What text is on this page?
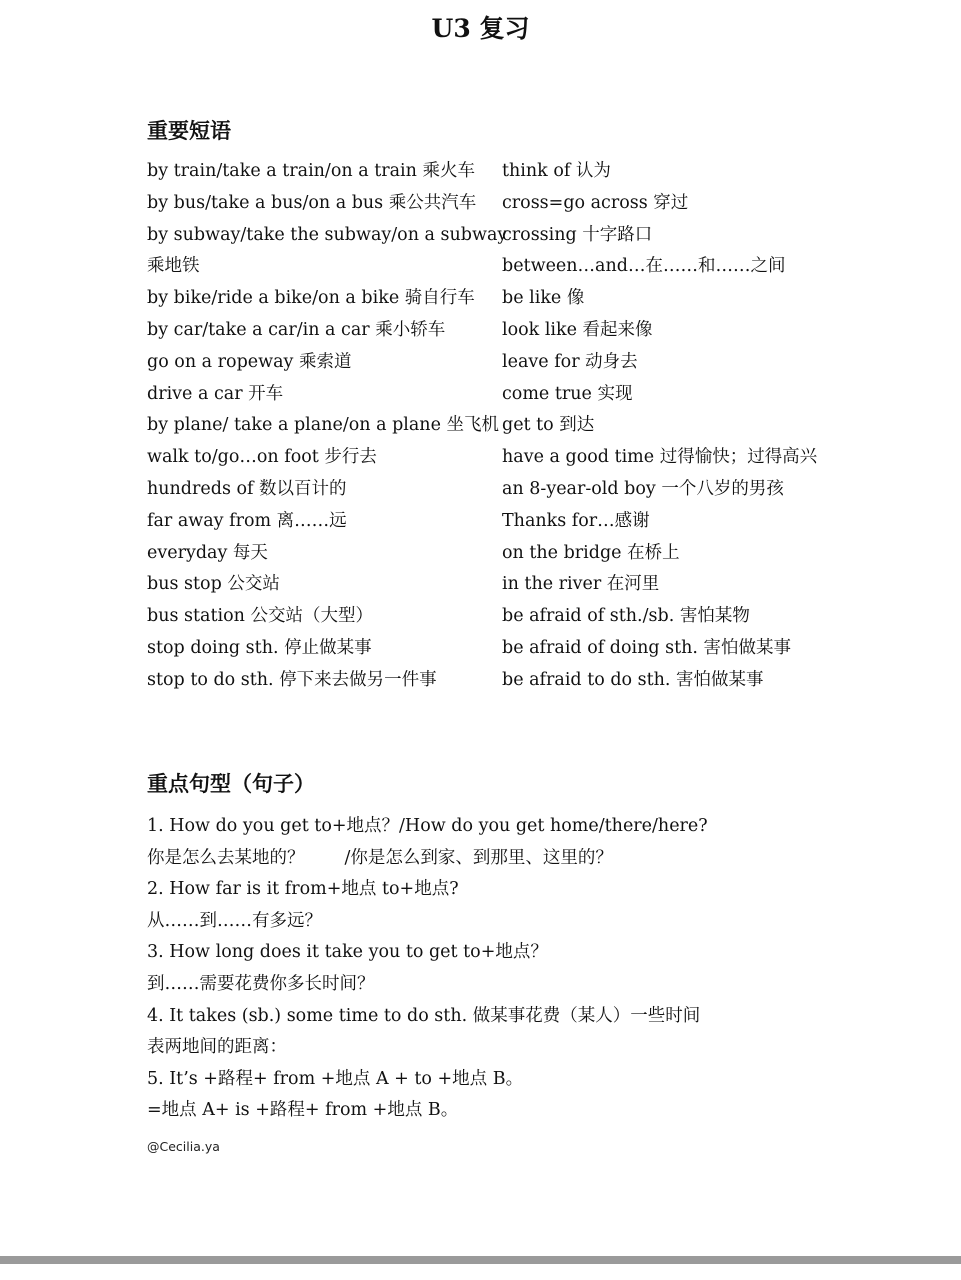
U3 复习
重要短语
by train/take a train/on a train 乘火车
by bus/take a bus/on a bus 乘公共汽车
by subway/take the subway/on a subway
乘地铁
by bike/ride a bike/on a bike 骑自行车
by car/take a car/in a car 乘小轿车
go on a ropeway 乘索道
drive a car 开车
by plane/ take a plane/on a plane 坐飞机
walk to/go…on foot 步行去
hundreds of 数以百计的
far away from 离……远
everyday 每天
bus stop 公交站
bus station 公交站（大型）
stop doing sth. 停止做某事
stop to do sth. 停下来去做另一件事
think of 认为
cross=go across 穿过
crossing 十字路口
between…and…在……和……之间
be like 像
look like 看起来像
leave for 动身去
come true 实现
get to 到达
have a good time 过得愉快；过得高兴
an 8-year-old boy 一个八岁的男孩
Thanks for…感谢
on the bridge 在桥上
in the river 在河里
be afraid of sth./sb. 害怕某物
be afraid of doing sth. 害怕做某事
be afraid to do sth. 害怕做某事
重点句型（句子）
1. How do you get to+地点？/How do you get home/there/here?
你是怎么去某地的？ /你是怎么到家、到那里、这里的？
2. How far is it from+地点 to+地点?
从……到……有多远？
3. How long does it take you to get to+地点？
到……需要花费你多长时间？
4. It takes (sb.) some time to do sth. 做某事花费（某人）一些时间
表两地间的距离：
5. It’s +路程+ from +地点 A + to +地点 B。
=地点 A+ is +路程+ from +地点 B。
@Cecilia.ya
